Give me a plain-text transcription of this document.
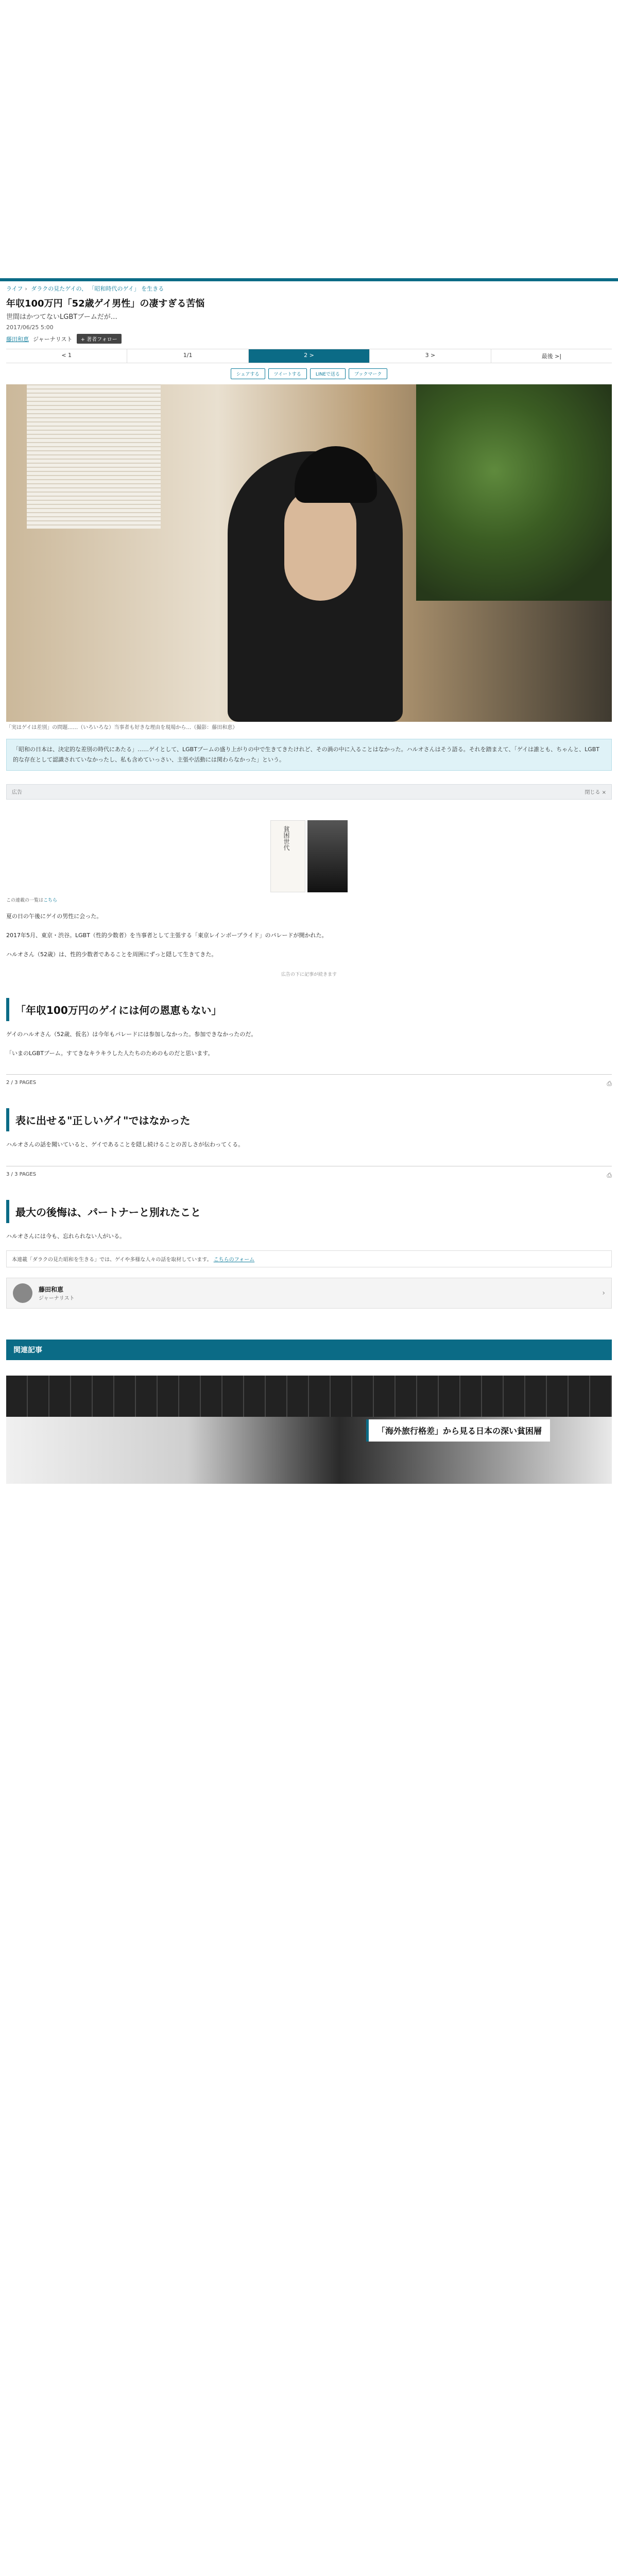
ライフ › ダラクの見たゲイの、 「昭和時代のゲイ」 を生きる
年収100万円「52歳ゲイ男性」の凄すぎる苦悩
世間はかつてないLGBTブームだが…
2017/06/25 5:00
藤田和恵 ジャーナリスト	+ 著者フォロー
< 1	1/1	2 >	3 >	最後 >|
シェアする	ツイートする	LINEで送る	ブックマーク
「実はゲイは差別」の問題……（いろいろな）当事者も好きな理由を現場から…（撮影：藤田和恵）
「昭和の日本は、決定的な差別の時代にあたる」……ゲイとして、LGBTブームの盛り上がりの中で生きてきたけれど、その渦の中に入ることはなかった。ハルオさんはそう語る。それを踏まえて、「ゲイは誰とも、ちゃんと、LGBT的な存在として認識されていなかったし、私も含めていっさい、主張や活動には関わらなかった」という。
広告	閉じる ×
貧困世代
この連載の一覧はこちら

夏の日の午後にゲイの男性に会った。

2017年5月、東京・渋谷。LGBT（性的少数者）を当事者として主張する「東京レインボープライド」のパレードが開かれた。

ハルオさん（52歳）は、性的少数者であることを周囲にずっと隠して生きてきた。

広告の下に記事が続きます
「年収100万円のゲイには何の恩恵もない」

ゲイのハルオさん（52歳、仮名）は今年もパレードには参加しなかった。参加できなかったのだ。

「いまのLGBTブーム。すてきなキラキラした人たちのためのものだと思います。

2 / 3 PAGES	⎙
表に出せる"正しいゲイ"ではなかった

ハルオさんの話を聞いていると、ゲイであることを隠し続けることの苦しさが伝わってくる。

3 / 3 PAGES	⎙
最大の後悔は、パートナーと別れたこと

ハルオさんには今も、忘れられない人がいる。

本連載「ダラクの見た昭和を生きる」では、ゲイや多様な人々の話を取材しています。 こちらのフォーム
藤田和恵
ジャーナリスト
›
関連記事
「海外旅行格差」から見る日本の深い貧困層
